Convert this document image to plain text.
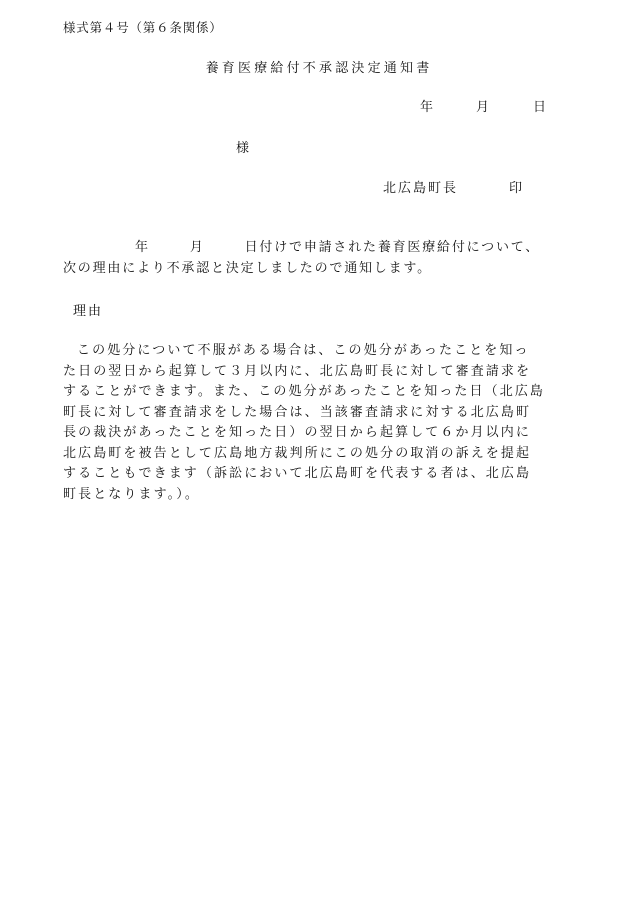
様式第４号（第６条関係）
養育医療給付不承認決定通知書
年	月	日
様
北広島町長	印
年	月	日付けで申請された養育医療給付について、
次の理由により不承認と決定しましたので通知します。
理由
この処分について不服がある場合は、この処分があったことを知っ
た日の翌日から起算して３月以内に、北広島町長に対して審査請求を
することができます。また、この処分があったことを知った日（北広島
町長に対して審査請求をした場合は、当該審査請求に対する北広島町
長の裁決があったことを知った日）の翌日から起算して６か月以内に
北広島町を被告として広島地方裁判所にこの処分の取消の訴えを提起
することもできます（訴訟において北広島町を代表する者は、北広島
町長となります。）。
